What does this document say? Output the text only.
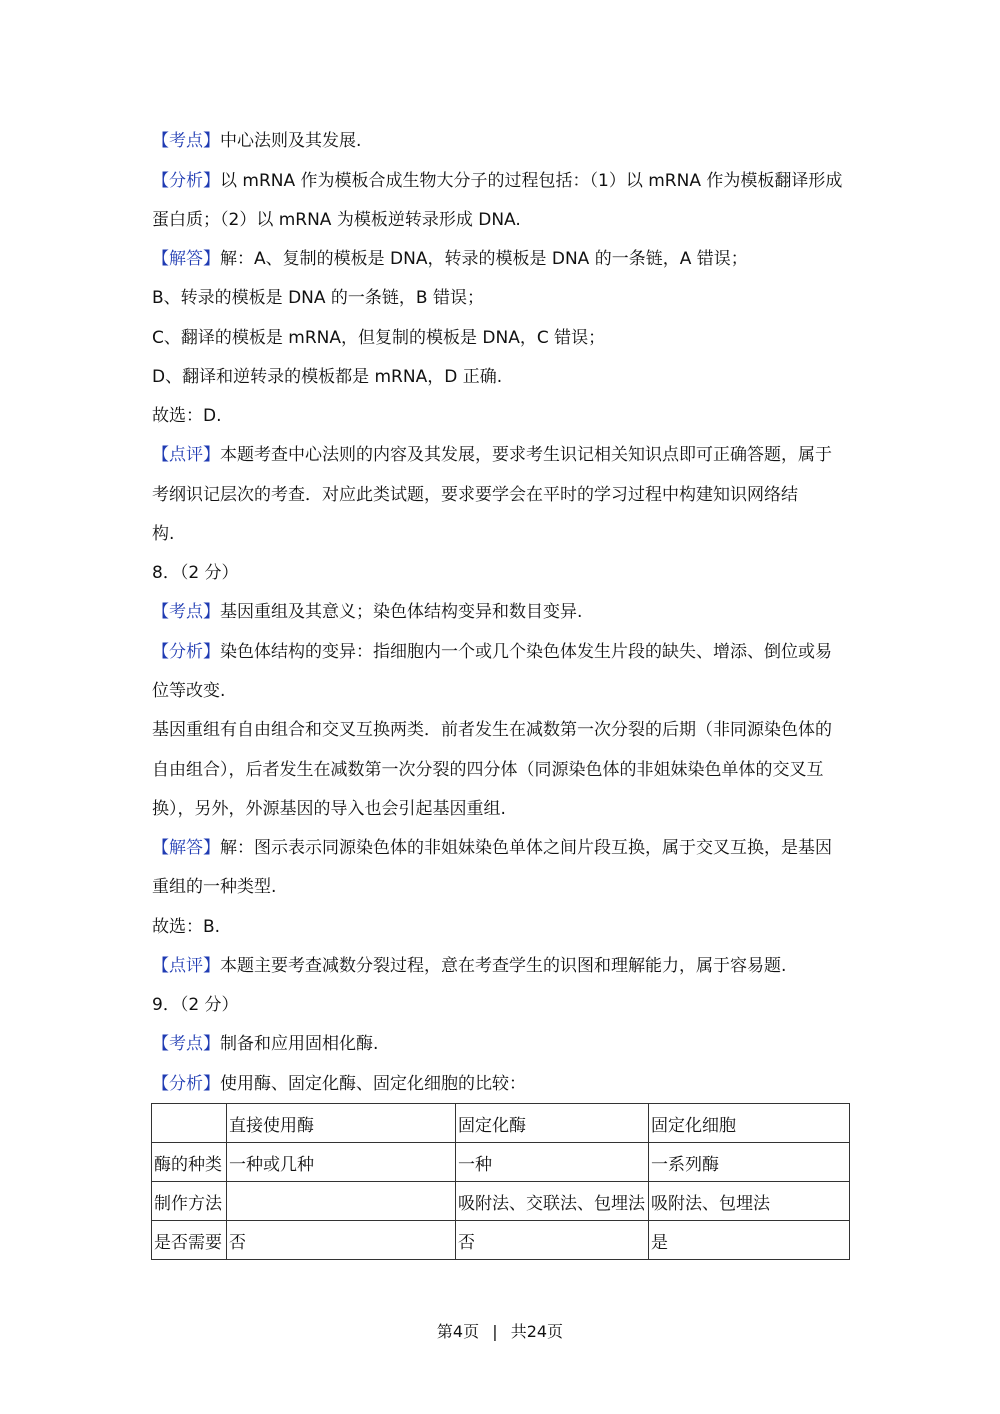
【考点】中心法则及其发展.
【分析】以 mRNA 作为模板合成生物大分子的过程包括：（1）以 mRNA 作为模板翻译形成
蛋白质；（2）以 mRNA 为模板逆转录形成 DNA.
【解答】解：A、复制的模板是 DNA，转录的模板是 DNA 的一条链，A 错误；
B、转录的模板是 DNA 的一条链，B 错误；
C、翻译的模板是 mRNA，但复制的模板是 DNA，C 错误；
D、翻译和逆转录的模板都是 mRNA，D 正确.
故选：D.
【点评】本题考查中心法则的内容及其发展，要求考生识记相关知识点即可正确答题，属于
考纲识记层次的考查．对应此类试题，要求要学会在平时的学习过程中构建知识网络结
构.
8．（2 分）
【考点】基因重组及其意义；染色体结构变异和数目变异.
【分析】染色体结构的变异：指细胞内一个或几个染色体发生片段的缺失、增添、倒位或易
位等改变.
基因重组有自由组合和交叉互换两类．前者发生在减数第一次分裂的后期（非同源染色体的
自由组合），后者发生在减数第一次分裂的四分体（同源染色体的非姐妹染色单体的交叉互
换），另外，外源基因的导入也会引起基因重组.
【解答】解：图示表示同源染色体的非姐妹染色单体之间片段互换，属于交叉互换，是基因
重组的一种类型.
故选：B.
【点评】本题主要考查减数分裂过程，意在考查学生的识图和理解能力，属于容易题.
9．（2 分）
【考点】制备和应用固相化酶.
【分析】使用酶、固定化酶、固定化细胞的比较：
	直接使用酶	固定化酶	固定化细胞
酶的种类	一种或几种	一种	一系列酶
制作方法		吸附法、交联法、包埋法	吸附法、包埋法
是否需要	否	否	是
第4页 | 共24页
